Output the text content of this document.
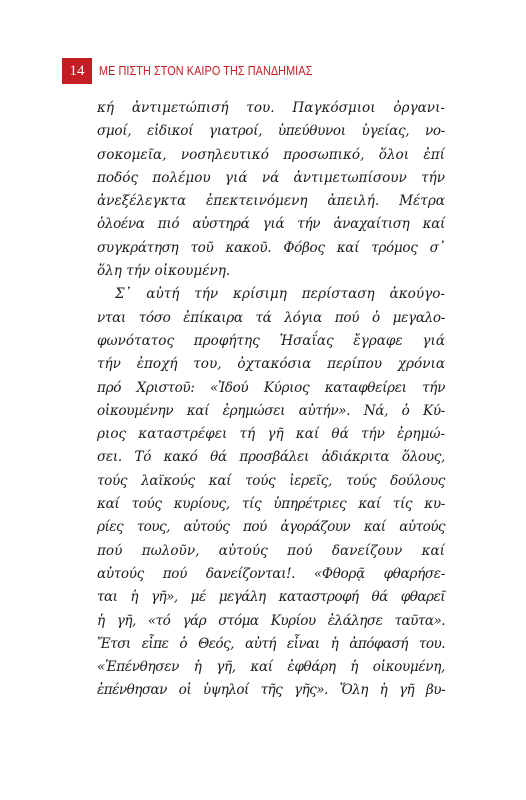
14	ΜΕ ΠΙΣΤΗ ΣΤΟΝ ΚΑΙΡΟ ΤΗΣ ΠΑΝΔΗΜΙΑΣ
κή ἀντιμετώπισή του. Παγκόσμιοι ὀργανι-
σμοί, εἰδικοί γιατροί, ὑπεύθυνοι ὑγείας, νο-
σοκομεῖα, νοσηλευτικό προσωπικό, ὅλοι ἐπί
ποδός πολέμου γιά νά ἀντιμετωπίσουν τήν
ἀνεξέλεγκτα ἐπεκτεινόμενη ἀπειλή. Μέτρα
ὁλοένα πιό αὐστηρά γιά τήν ἀναχαίτιση καί
συγκράτηση τοῦ κακοῦ. Φόβος καί τρόμος σ᾽
ὅλη τήν οἰκουμένη.
Σ᾽ αὐτή τήν κρίσιμη περίσταση ἀκούγο-
νται τόσο ἐπίκαιρα τά λόγια πού ὁ μεγαλο-
φωνότατος προφήτης Ἠσαΐας ἔγραφε γιά
τήν ἐποχή του, ὀχτακόσια περίπου χρόνια
πρό Χριστοῦ: «Ἰδού Κύριος καταφθείρει τήν
οἰκουμένην καί ἐρημώσει αὐτήν». Νά, ὁ Κύ-
ριος καταστρέφει τή γῆ καί θά τήν ἐρημώ-
σει. Τό κακό θά προσβάλει ἀδιάκριτα ὅλους,
τούς λαϊκούς καί τούς ἱερεῖς, τούς δούλους
καί τούς κυρίους, τίς ὑπηρέτριες καί τίς κυ-
ρίες τους, αὐτούς πού ἀγοράζουν καί αὐτούς
πού πωλοῦν, αὐτούς πού δανείζουν καί
αὐτούς πού δανείζονται!. «Φθορᾷ φθαρήσε-
ται ἡ γῆ», μέ μεγάλη καταστροφή θά φθαρεῖ
ἡ γῆ, «τό γάρ στόμα Κυρίου ἐλάλησε ταῦτα».
Ἔτσι εἶπε ὁ Θεός, αὐτή εἶναι ἡ ἀπόφασή του.
«Ἐπένθησεν ἡ γῆ, καί ἐφθάρη ἡ οἰκουμένη,
ἐπένθησαν οἱ ὑψηλοί τῆς γῆς». Ὅλη ἡ γῆ βυ-
